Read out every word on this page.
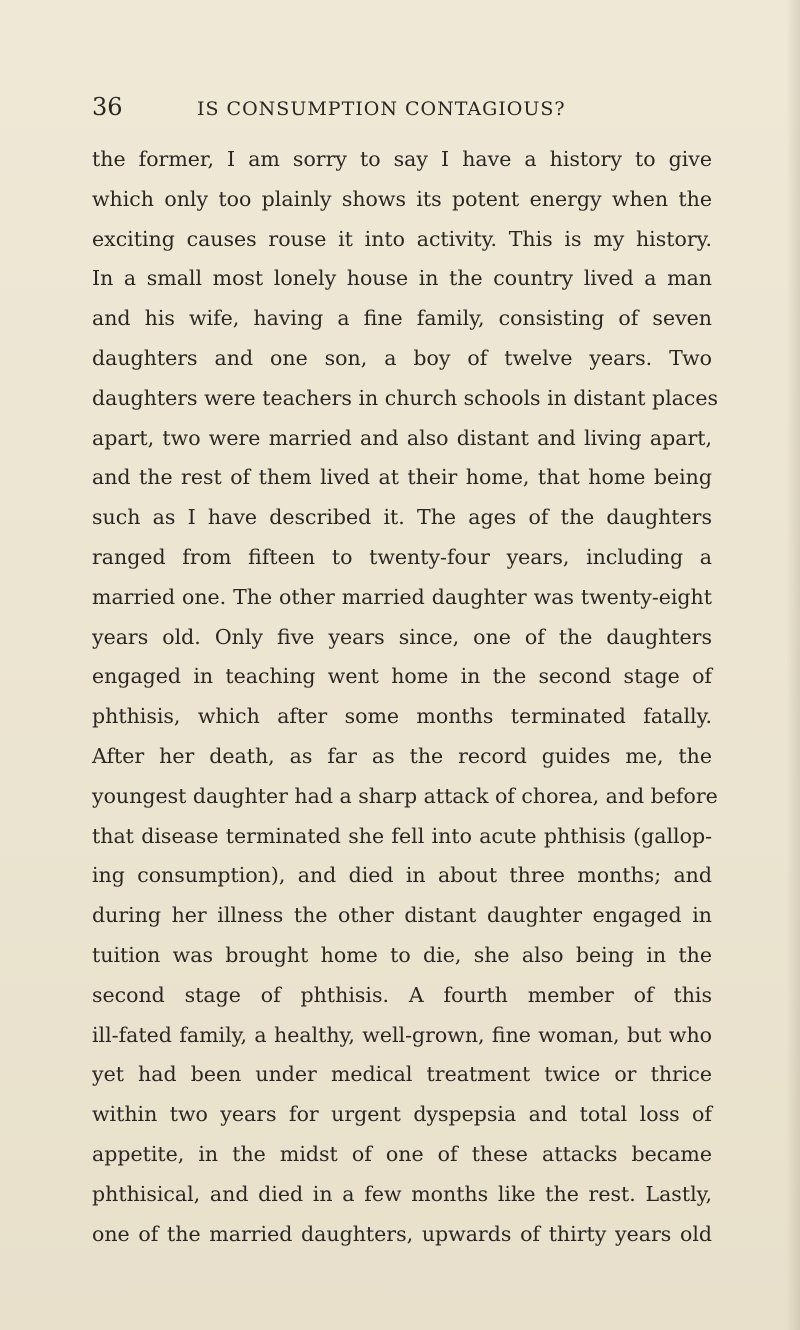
36	IS CONSUMPTION CONTAGIOUS?
the former, I am sorry to say I have a history to give
which only too plainly shows its potent energy when the
exciting causes rouse it into activity. This is my history.
In a small most lonely house in the country lived a man
and his wife, having a fine family, consisting of seven
daughters and one son, a boy of twelve years. Two
daughters were teachers in church schools in distant places
apart, two were married and also distant and living apart,
and the rest of them lived at their home, that home being
such as I have described it. The ages of the daughters
ranged from fifteen to twenty-four years, including a
married one. The other married daughter was twenty-eight
years old. Only five years since, one of the daughters
engaged in teaching went home in the second stage of
phthisis, which after some months terminated fatally.
After her death, as far as the record guides me, the
youngest daughter had a sharp attack of chorea, and before
that disease terminated she fell into acute phthisis (gallop-
ing consumption), and died in about three months; and
during her illness the other distant daughter engaged in
tuition was brought home to die, she also being in the
second stage of phthisis. A fourth member of this
ill-fated family, a healthy, well-grown, fine woman, but who
yet had been under medical treatment twice or thrice
within two years for urgent dyspepsia and total loss of
appetite, in the midst of one of these attacks became
phthisical, and died in a few months like the rest. Lastly,
one of the married daughters, upwards of thirty years old
